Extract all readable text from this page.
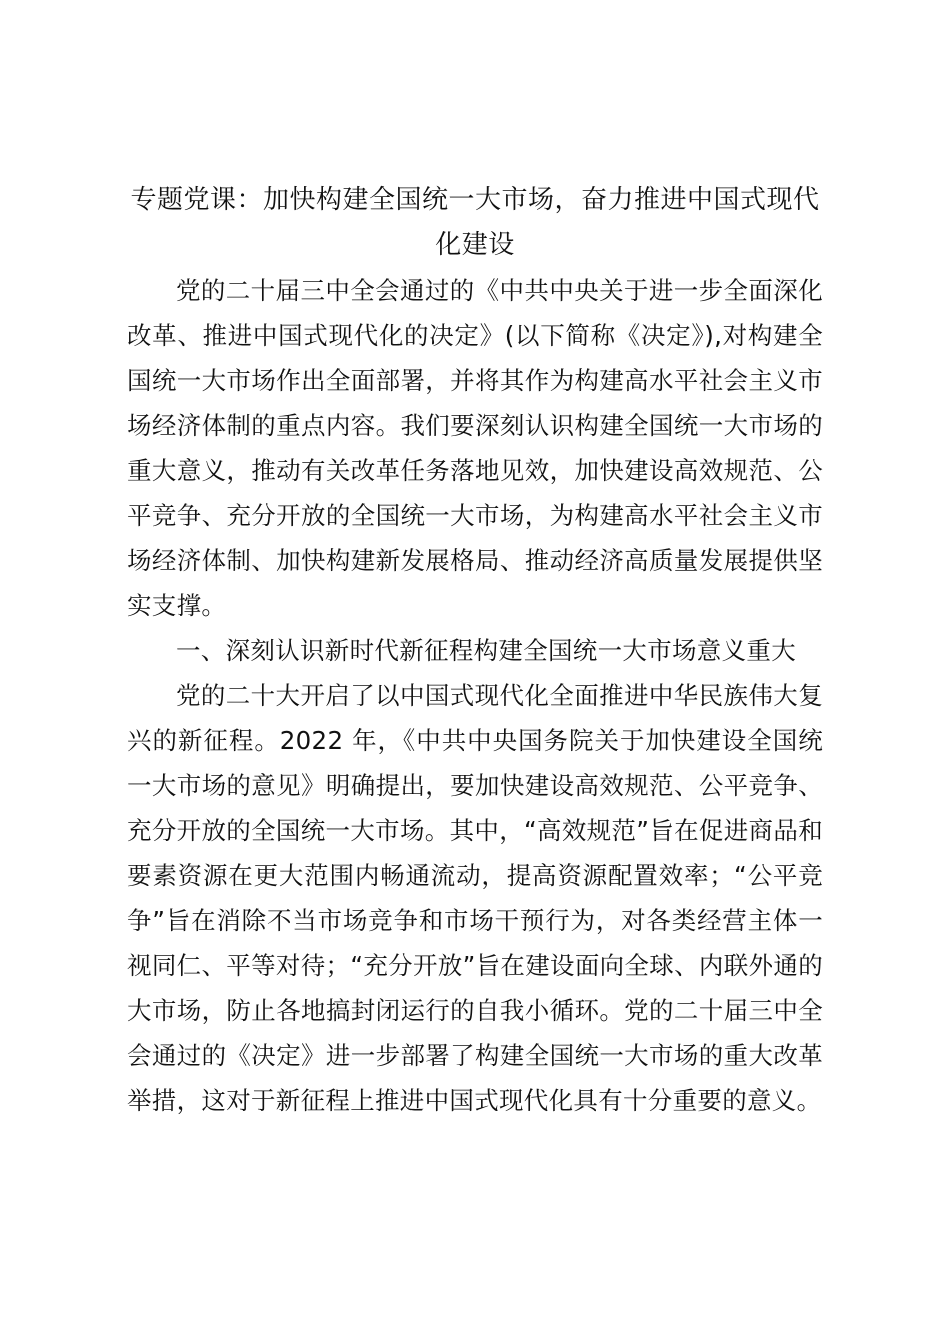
专题党课：加快构建全国统一大市场，奋力推进中国式现代化建设

党的二十届三中全会通过的《中共中央关于进一步全面深化改革、推进中国式现代化的决定》(以下简称《决定》),对构建全国统一大市场作出全面部署，并将其作为构建高水平社会主义市场经济体制的重点内容。我们要深刻认识构建全国统一大市场的重大意义，推动有关改革任务落地见效，加快建设高效规范、公平竞争、充分开放的全国统一大市场，为构建高水平社会主义市场经济体制、加快构建新发展格局、推动经济高质量发展提供坚实支撑。

一、深刻认识新时代新征程构建全国统一大市场意义重大

党的二十大开启了以中国式现代化全面推进中华民族伟大复兴的新征程。2022 年，《中共中央国务院关于加快建设全国统一大市场的意见》明确提出，要加快建设高效规范、公平竞争、充分开放的全国统一大市场。其中，“高效规范”旨在促进商品和要素资源在更大范围内畅通流动，提高资源配置效率；“公平竞争”旨在消除不当市场竞争和市场干预行为，对各类经营主体一视同仁、平等对待；“充分开放”旨在建设面向全球、内联外通的大市场，防止各地搞封闭运行的自我小循环。党的二十届三中全会通过的《决定》进一步部署了构建全国统一大市场的重大改革举措，这对于新征程上推进中国式现代化具有十分重要的意义。
